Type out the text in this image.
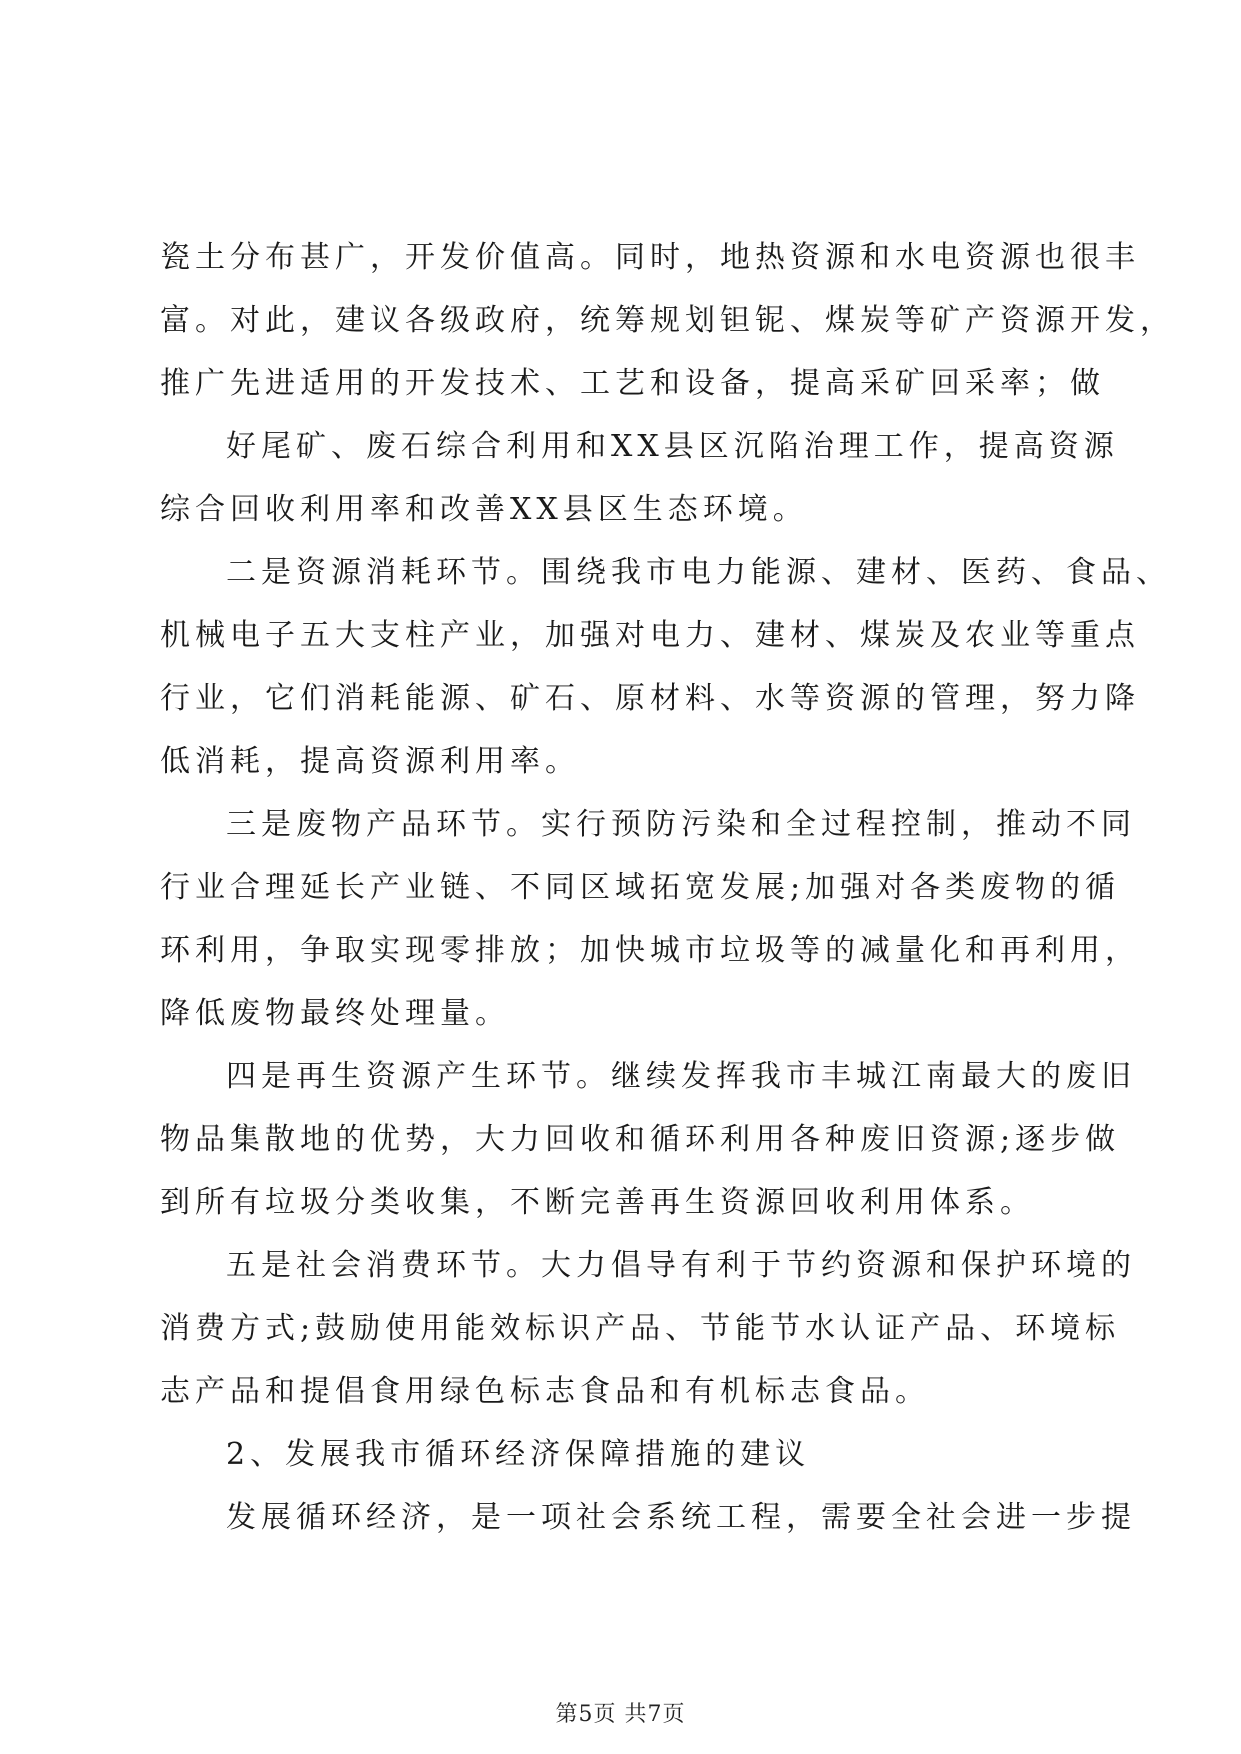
瓷土分布甚广，开发价值高。同时，地热资源和水电资源也很丰
富。对此，建议各级政府，统筹规划钽铌、煤炭等矿产资源开发，
推广先进适用的开发技术、工艺和设备，提高采矿回采率；做
好尾矿、废石综合利用和XX县区沉陷治理工作，提高资源
综合回收利用率和改善XX县区生态环境。
二是资源消耗环节。围绕我市电力能源、建材、医药、食品、
机械电子五大支柱产业，加强对电力、建材、煤炭及农业等重点
行业，它们消耗能源、矿石、原材料、水等资源的管理，努力降
低消耗，提高资源利用率。
三是废物产品环节。实行预防污染和全过程控制，推动不同
行业合理延长产业链、不同区域拓宽发展;加强对各类废物的循
环利用，争取实现零排放；加快城市垃圾等的减量化和再利用，
降低废物最终处理量。
四是再生资源产生环节。继续发挥我市丰城江南最大的废旧
物品集散地的优势，大力回收和循环利用各种废旧资源;逐步做
到所有垃圾分类收集，不断完善再生资源回收利用体系。
五是社会消费环节。大力倡导有利于节约资源和保护环境的
消费方式;鼓励使用能效标识产品、节能节水认证产品、环境标
志产品和提倡食用绿色标志食品和有机标志食品。
2、发展我市循环经济保障措施的建议
发展循环经济，是一项社会系统工程，需要全社会进一步提
第5页 共7页
